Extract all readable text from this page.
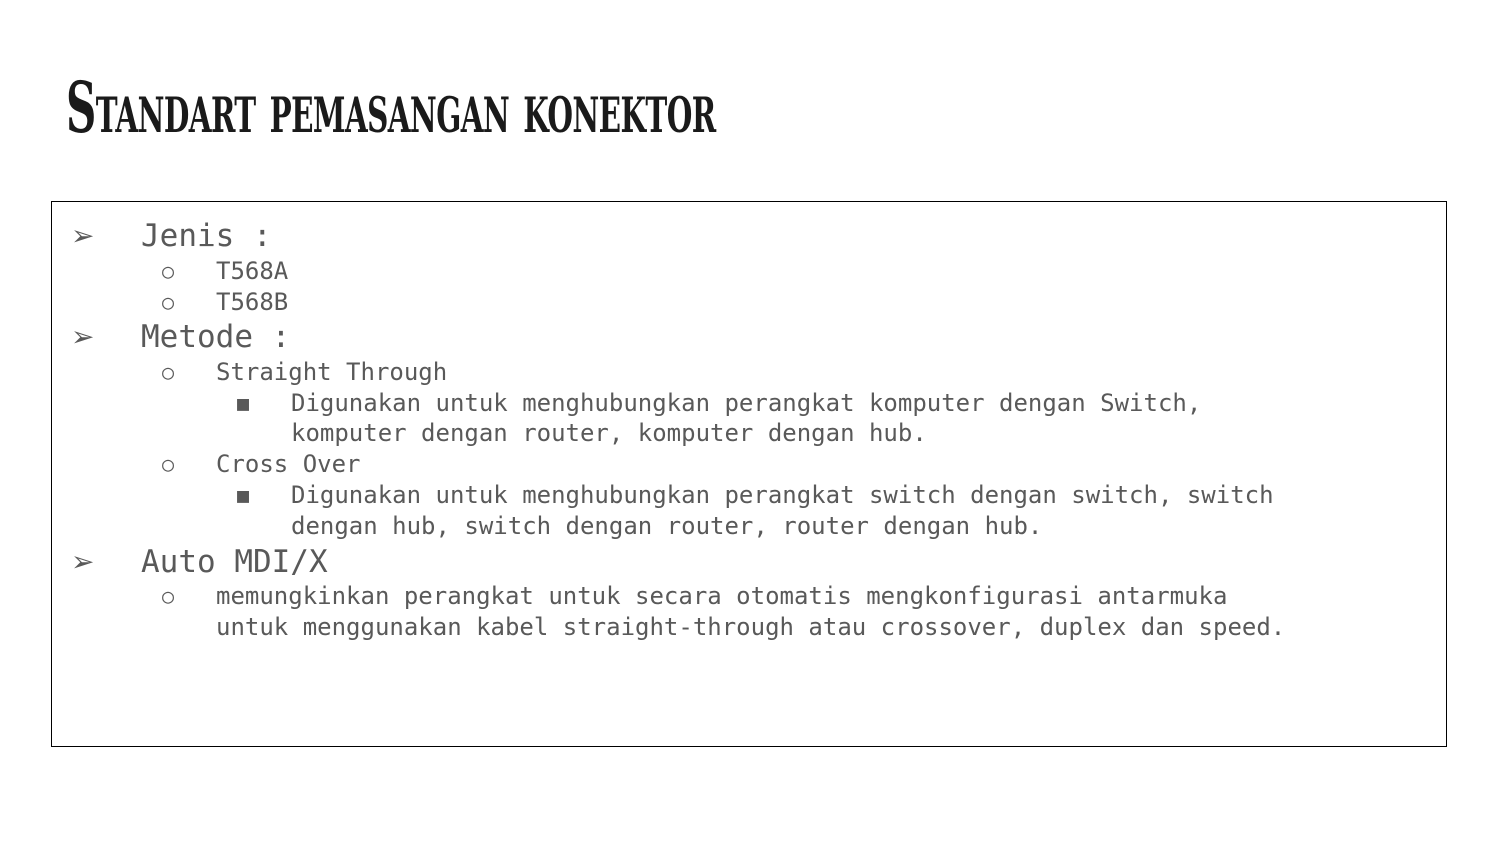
Standart pemasangan konektor
➢ Jenis :
○ T568A
○ T568B
➢ Metode :
○ Straight Through
■ Digunakan untuk menghubungkan perangkat komputer dengan Switch,
komputer dengan router, komputer dengan hub.
○ Cross Over
■ Digunakan untuk menghubungkan perangkat switch dengan switch, switch
dengan hub, switch dengan router, router dengan hub.
➢ Auto MDI/X
○ memungkinkan perangkat untuk secara otomatis mengkonfigurasi antarmuka
untuk menggunakan kabel straight-through atau crossover, duplex dan speed.
